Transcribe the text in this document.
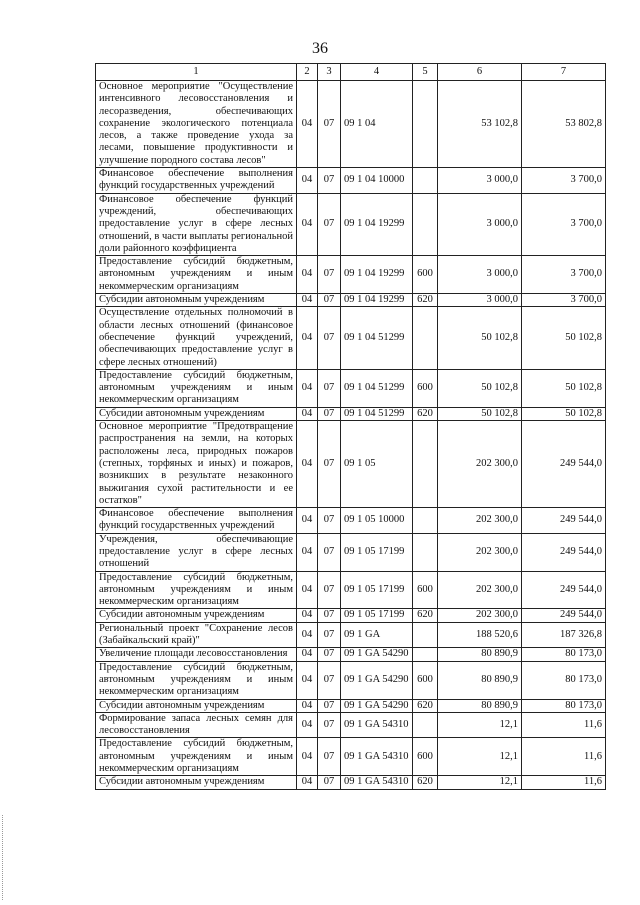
36
1	2	3	4	5	6	7
Основное мероприятие "Осуществление интенсивного лесовосстановления и лесоразведения, обеспечивающих сохранение экологического потенциала лесов, а также проведение ухода за лесами, повышение продуктивности и улучшение породного состава лесов"	04	07	09 1 04		53 102,8	53 802,8
Финансовое обеспечение выполнения функций государственных учреждений	04	07	09 1 04 10000		3 000,0	3 700,0
Финансовое обеспечение функций учреждений, обеспечивающих предоставление услуг в сфере лесных отношений, в части выплаты региональной доли районного коэффициента	04	07	09 1 04 19299		3 000,0	3 700,0
Предоставление субсидий бюджетным, автономным учреждениям и иным некоммерческим организациям	04	07	09 1 04 19299	600	3 000,0	3 700,0
Субсидии автономным учреждениям	04	07	09 1 04 19299	620	3 000,0	3 700,0
Осуществление отдельных полномочий в области лесных отношений (финансовое обеспечение функций учреждений, обеспечивающих предоставление услуг в сфере лесных отношений)	04	07	09 1 04 51299		50 102,8	50 102,8
Предоставление субсидий бюджетным, автономным учреждениям и иным некоммерческим организациям	04	07	09 1 04 51299	600	50 102,8	50 102,8
Субсидии автономным учреждениям	04	07	09 1 04 51299	620	50 102,8	50 102,8
Основное мероприятие "Предотвращение распространения на земли, на которых расположены леса, природных пожаров (степных, торфяных и иных) и пожаров, возникших в результате незаконного выжигания сухой растительности и ее остатков"	04	07	09 1 05		202 300,0	249 544,0
Финансовое обеспечение выполнения функций государственных учреждений	04	07	09 1 05 10000		202 300,0	249 544,0
Учреждения, обеспечивающие предоставление услуг в сфере лесных отношений	04	07	09 1 05 17199		202 300,0	249 544,0
Предоставление субсидий бюджетным, автономным учреждениям и иным некоммерческим организациям	04	07	09 1 05 17199	600	202 300,0	249 544,0
Субсидии автономным учреждениям	04	07	09 1 05 17199	620	202 300,0	249 544,0
Региональный проект "Сохранение лесов (Забайкальский край)"	04	07	09 1 GA		188 520,6	187 326,8
Увеличение площади лесовосстановления	04	07	09 1 GA 54290		80 890,9	80 173,0
Предоставление субсидий бюджетным, автономным учреждениям и иным некоммерческим организациям	04	07	09 1 GA 54290	600	80 890,9	80 173,0
Субсидии автономным учреждениям	04	07	09 1 GA 54290	620	80 890,9	80 173,0
Формирование запаса лесных семян для лесовосстановления	04	07	09 1 GA 54310		12,1	11,6
Предоставление субсидий бюджетным, автономным учреждениям и иным некоммерческим организациям	04	07	09 1 GA 54310	600	12,1	11,6
Субсидии автономным учреждениям	04	07	09 1 GA 54310	620	12,1	11,6
